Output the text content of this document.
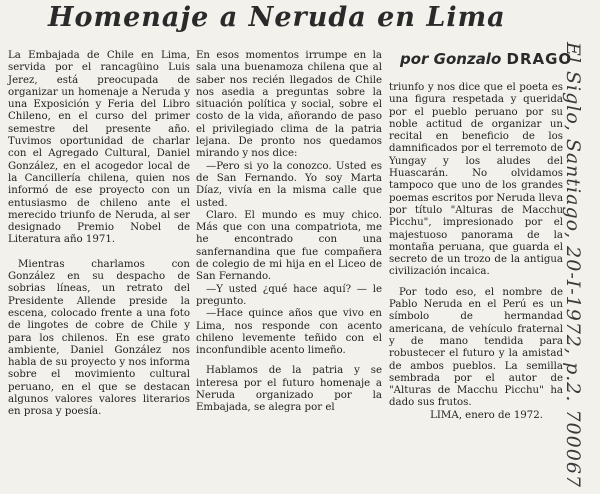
Homenaje a Neruda en Lima
por Gonzalo DRAGO

La Embajada de Chile en Lima, servida por el rancagüino Luis Jerez, está preocupada de organizar un homenaje a Neruda y una Exposición y Feria del Libro Chileno, en el curso del primer semestre del presente año. Tuvimos oportunidad de charlar con el Agregado Cultural, Daniel González, en el acogedor local de la Cancillería chilena, quien nos informó de ese proyecto con un entusiasmo de chileno ante el merecido triunfo de Neruda, al ser designado Premio Nobel de Literatura año 1971.

Mientras charlamos con González en su despacho de sobrias líneas, un retrato del Presidente Allende preside la escena, colocado frente a una foto de lingotes de cobre de Chile y para los chilenos. En ese grato ambiente, Daniel González nos habla de su proyecto y nos informa sobre el movimiento cultural peruano, en el que se destacan algunos valores valores literarios en prosa y poesía.

En esos momentos irrumpe en la sala una buenamoza chilena que al saber nos recién llegados de Chile nos asedia a preguntas sobre la situación política y social, sobre el costo de la vida, añorando de paso el privilegiado clima de la patria lejana. De pronto nos quedamos mirando y nos dice:

—Pero si yo la conozco. Usted es de San Fernando. Yo soy Marta Díaz, vivía en la misma calle que usted.

Claro. El mundo es muy chico. Más que con una compatriota, me he encontrado con una sanfernandina que fue compañera de colegio de mi hija en el Liceo de San Fernando.

—Y usted ¿qué hace aquí? — le pregunto.

—Hace quince años que vivo en Lima, nos responde con acento chileno levemente teñido con el inconfundible acento limeño.

Hablamos de la patria y se interesa por el futuro homenaje a Neruda organizado por la Embajada, se alegra por el

triunfo y nos dice que el poeta es una figura respetada y querida por el pueblo peruano por su noble actitud de organizar un recital en beneficio de los damnificados por el terremoto de Yungay y los aludes del Huascarán. No olvidamos tampoco que uno de los grandes poemas escritos por Neruda lleva por título "Alturas de Macchu Picchu", impresionado por el majestuoso panorama de la montaña peruana, que guarda el secreto de un trozo de la antigua civilización incaica.

Por todo eso, el nombre de Pablo Neruda en el Perú es un símbolo de hermandad americana, de vehículo fraternal y de mano tendida para robustecer el futuro y la amistad de ambos pueblos. La semilla sembrada por el autor de "Alturas de Macchu Picchu" ha dado sus frutos.

LIMA, enero de 1972.	El Siglo, Santiago, 20-I-1972, p.2. 700067
